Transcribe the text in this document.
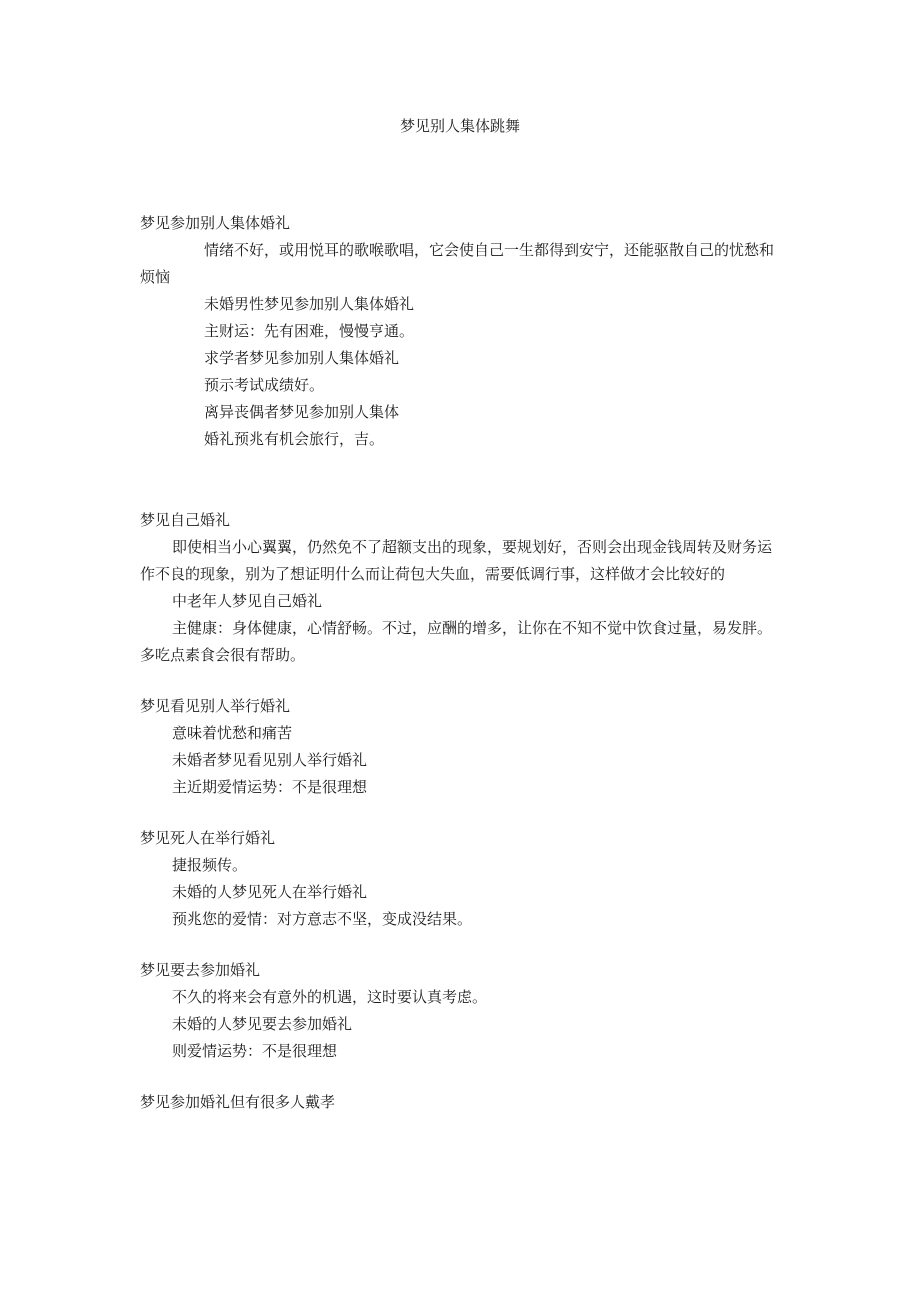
梦见别人集体跳舞
梦见参加别人集体婚礼
情绪不好，或用悦耳的歌喉歌唱，它会使自己一生都得到安宁，还能驱散自己的忧愁和烦恼
未婚男性梦见参加别人集体婚礼
主财运：先有困难，慢慢亨通。
求学者梦见参加别人集体婚礼
预示考试成绩好。
离异丧偶者梦见参加别人集体
婚礼预兆有机会旅行，吉。
梦见自己婚礼
即使相当小心翼翼，仍然免不了超额支出的现象，要规划好，否则会出现金钱周转及财务运作不良的现象，别为了想证明什么而让荷包大失血，需要低调行事，这样做才会比较好的
中老年人梦见自己婚礼
主健康：身体健康，心情舒畅。不过，应酬的增多，让你在不知不觉中饮食过量，易发胖。多吃点素食会很有帮助。
梦见看见别人举行婚礼
意味着忧愁和痛苦
未婚者梦见看见别人举行婚礼
主近期爱情运势：不是很理想
梦见死人在举行婚礼
捷报频传。
未婚的人梦见死人在举行婚礼
预兆您的爱情：对方意志不坚，变成没结果。
梦见要去参加婚礼
不久的将来会有意外的机遇，这时要认真考虑。
未婚的人梦见要去参加婚礼
则爱情运势：不是很理想
梦见参加婚礼但有很多人戴孝
